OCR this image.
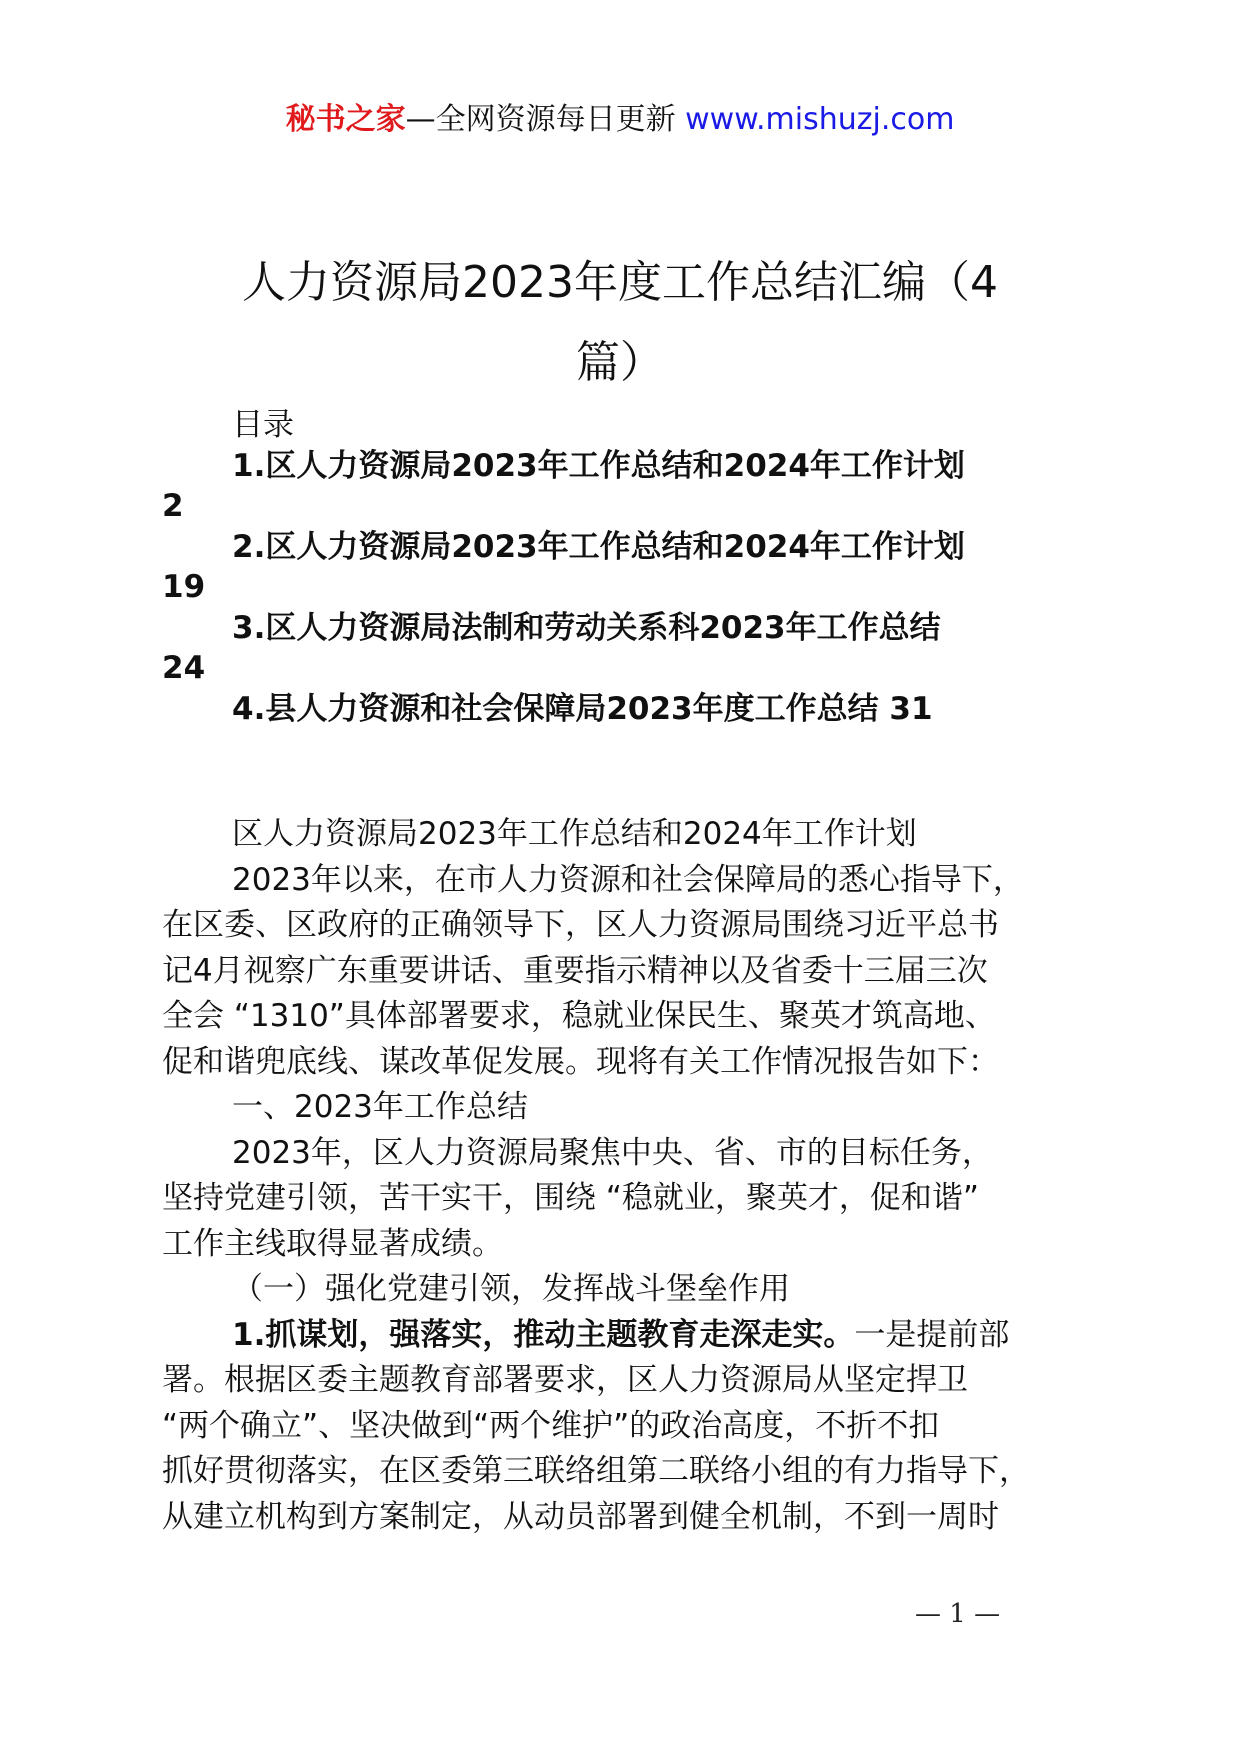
秘书之家—全网资源每日更新 www.mishuzj.com
人力资源局2023年度工作总结汇编（4
篇）
目录
1.区人力资源局2023年工作总结和2024年工作计划
2
2.区人力资源局2023年工作总结和2024年工作计划
19
3.区人力资源局法制和劳动关系科2023年工作总结
24
4.县人力资源和社会保障局2023年度工作总结 31
区人力资源局2023年工作总结和2024年工作计划
2023年以来，在市人力资源和社会保障局的悉心指导下，
在区委、区政府的正确领导下，区人力资源局围绕习近平总书
记4月视察广东重要讲话、重要指示精神以及省委十三届三次
全会 “1310”具体部署要求，稳就业保民生、聚英才筑高地、
促和谐兜底线、谋改革促发展。现将有关工作情况报告如下：
一、2023年工作总结
2023年，区人力资源局聚焦中央、省、市的目标任务，
坚持党建引领，苦干实干，围绕 “稳就业，聚英才，促和谐”
工作主线取得显著成绩。
（一）强化党建引领，发挥战斗堡垒作用
1.抓谋划，强落实，推动主题教育走深走实。一是提前部
署。根据区委主题教育部署要求，区人力资源局从坚定捍卫
“两个确立”、坚决做到“两个维护”的政治高度，不折不扣
抓好贯彻落实，在区委第三联络组第二联络小组的有力指导下，
从建立机构到方案制定，从动员部署到健全机制，不到一周时
— 1 —
